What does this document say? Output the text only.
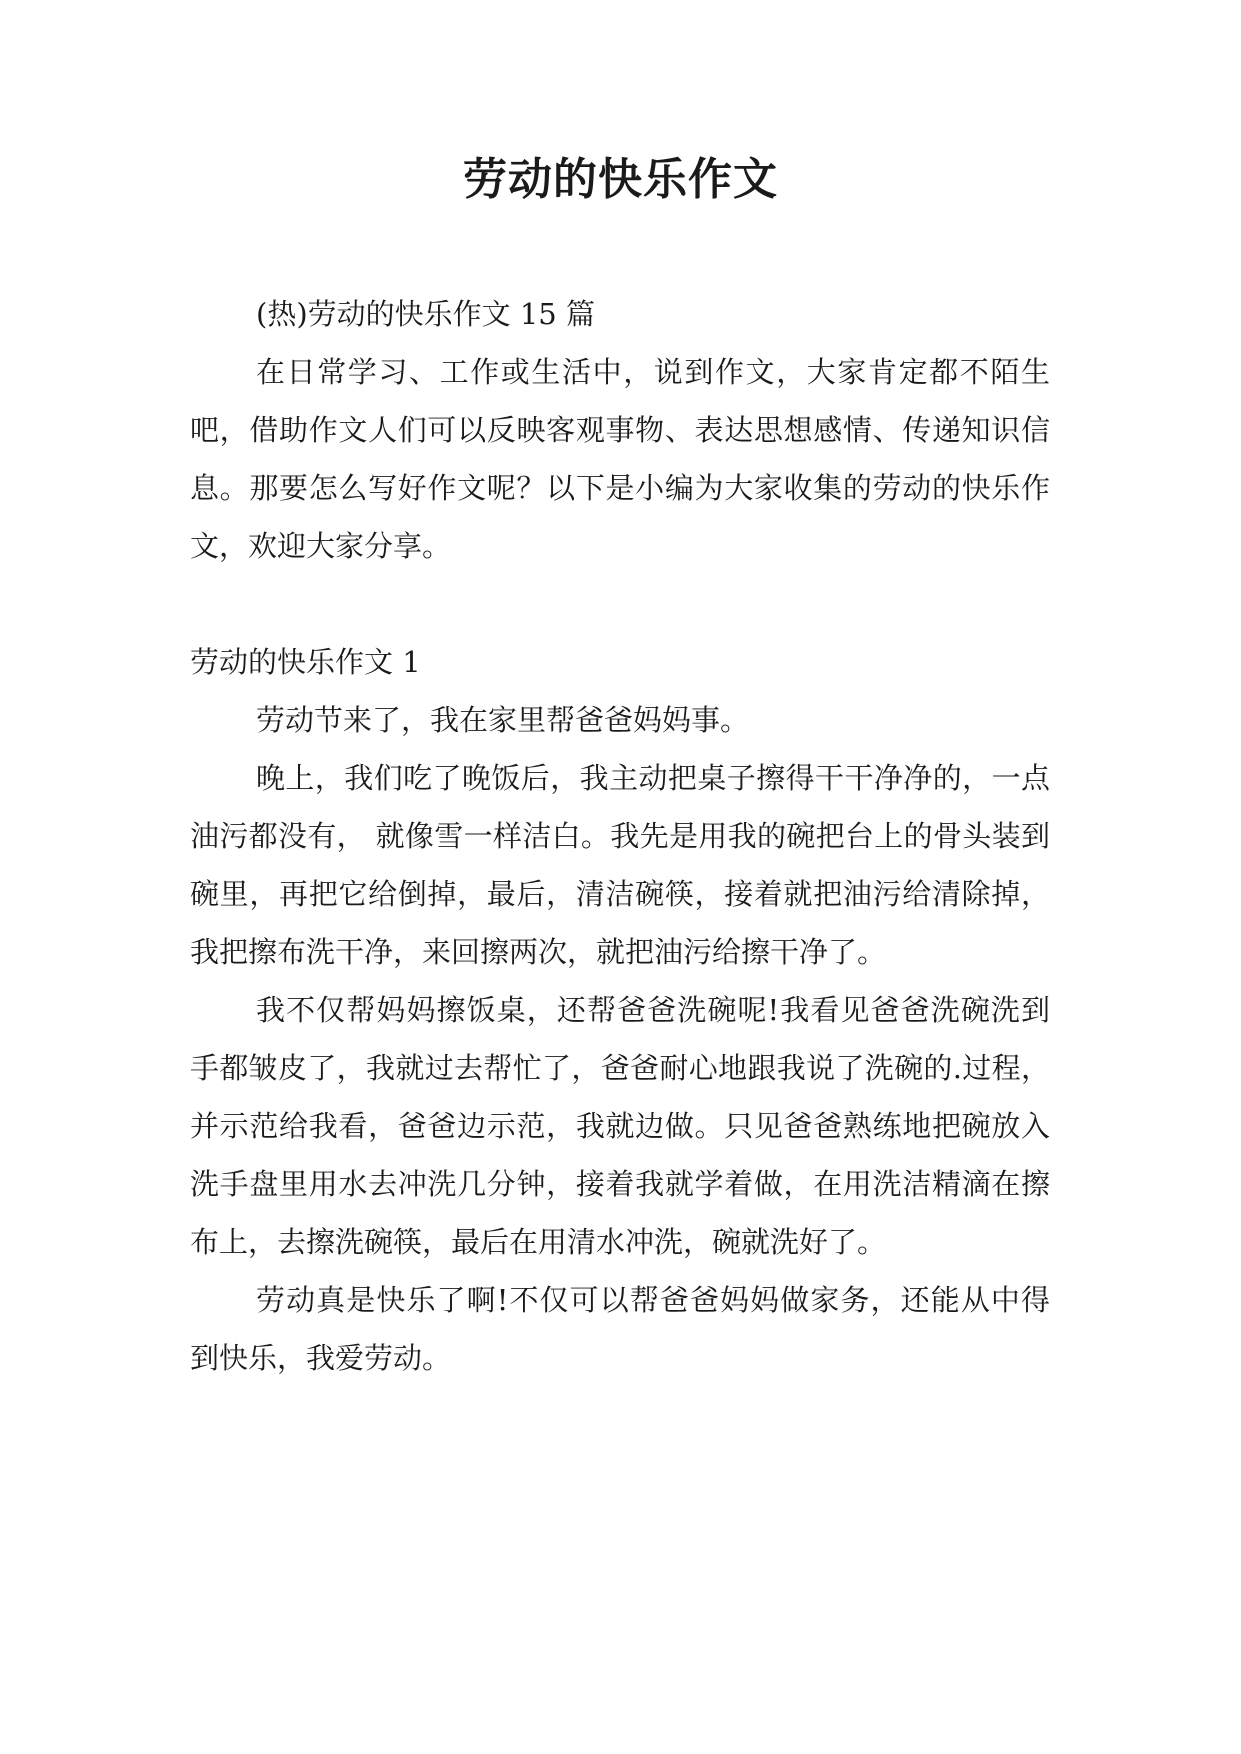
劳动的快乐作文

(热)劳动的快乐作文 15 篇

在日常学习、工作或生活中，说到作文，大家肯定都不陌生吧，借助作文人们可以反映客观事物、表达思想感情、传递知识信息。那要怎么写好作文呢？以下是小编为大家收集的劳动的快乐作文，欢迎大家分享。

劳动的快乐作文 1

劳动节来了，我在家里帮爸爸妈妈事。

晚上，我们吃了晚饭后，我主动把桌子擦得干干净净的，一点油污都没有， 就像雪一样洁白。我先是用我的碗把台上的骨头装到碗里，再把它给倒掉，最后，清洁碗筷，接着就把油污给清除掉，我把擦布洗干净，来回擦两次，就把油污给擦干净了。

我不仅帮妈妈擦饭桌，还帮爸爸洗碗呢!我看见爸爸洗碗洗到手都皱皮了，我就过去帮忙了，爸爸耐心地跟我说了洗碗的.过程，并示范给我看，爸爸边示范，我就边做。只见爸爸熟练地把碗放入洗手盘里用水去冲洗几分钟，接着我就学着做，在用洗洁精滴在擦布上，去擦洗碗筷，最后在用清水冲洗，碗就洗好了。

劳动真是快乐了啊!不仅可以帮爸爸妈妈做家务，还能从中得到快乐，我爱劳动。
